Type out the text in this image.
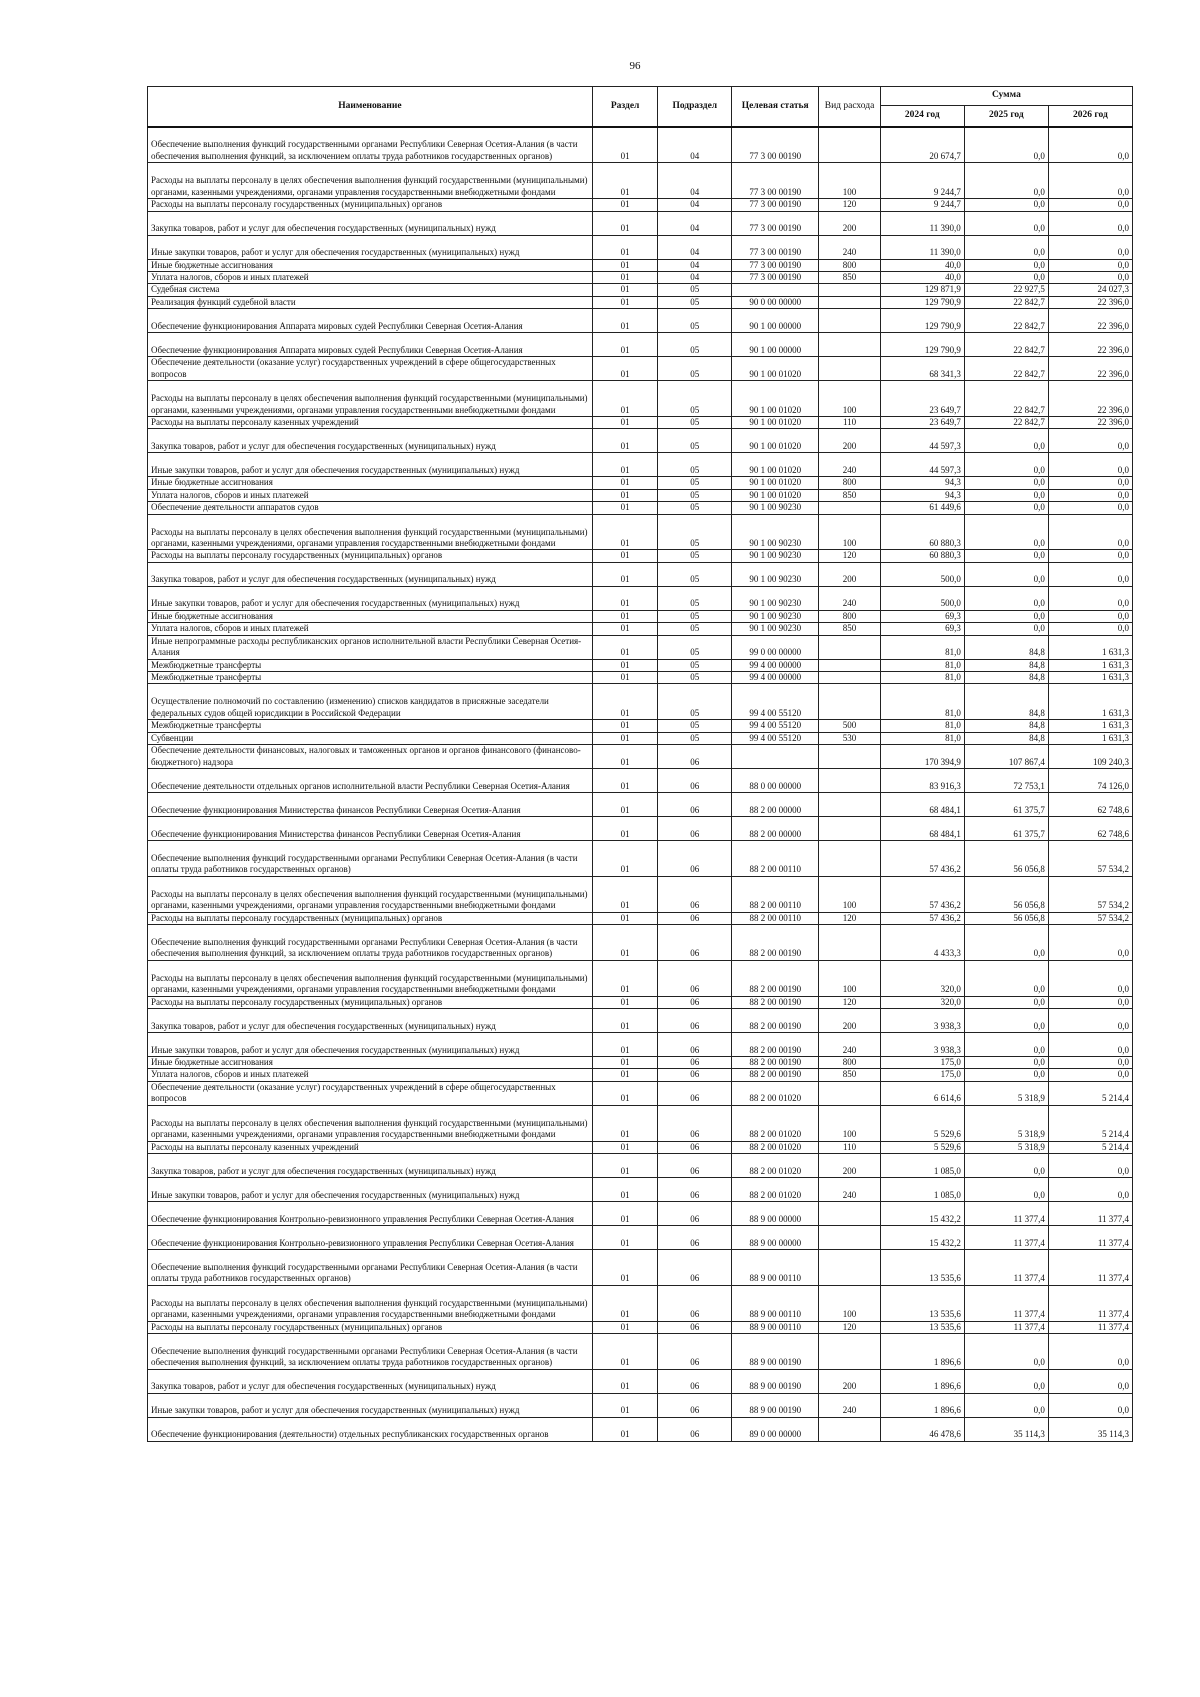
96
Наименование	Раздел	Подраздел	Целевая статья	Вид расхода	Сумма		
					2024 год	2025 год	2026 год
Обеспечение выполнения функций государственными органами Республики Северная Осетия-Алания (в части обеспечения выполнения функций, за исключением оплаты труда работников государственных органов)	01	04	77 3 00 00190		20 674,7	0,0	0,0
Расходы на выплаты персоналу в целях обеспечения выполнения функций государственными (муниципальными) органами, казенными учреждениями, органами управления государственными внебюджетными фондами	01	04	77 3 00 00190	100	9 244,7	0,0	0,0
Расходы на выплаты персоналу государственных (муниципальных) органов	01	04	77 3 00 00190	120	9 244,7	0,0	0,0
Закупка товаров, работ и услуг для обеспечения государственных (муниципальных) нужд	01	04	77 3 00 00190	200	11 390,0	0,0	0,0
Иные закупки товаров, работ и услуг для обеспечения государственных (муниципальных) нужд	01	04	77 3 00 00190	240	11 390,0	0,0	0,0
Иные бюджетные ассигнования	01	04	77 3 00 00190	800	40,0	0,0	0,0
Уплата налогов, сборов и иных платежей	01	04	77 3 00 00190	850	40,0	0,0	0,0
Судебная система	01	05			129 871,9	22 927,5	24 027,3
Реализация функций судебной власти	01	05	90 0 00 00000		129 790,9	22 842,7	22 396,0
Обеспечение функционирования Аппарата мировых судей Республики Северная Осетия-Алания	01	05	90 1 00 00000		129 790,9	22 842,7	22 396,0
Обеспечение функционирования Аппарата мировых судей Республики Северная Осетия-Алания	01	05	90 1 00 00000		129 790,9	22 842,7	22 396,0
Обеспечение деятельности (оказание услуг) государственных учреждений в сфере общегосударственных вопросов	01	05	90 1 00 01020		68 341,3	22 842,7	22 396,0
Расходы на выплаты персоналу в целях обеспечения выполнения функций государственными (муниципальными) органами, казенными учреждениями, органами управления государственными внебюджетными фондами	01	05	90 1 00 01020	100	23 649,7	22 842,7	22 396,0
Расходы на выплаты персоналу казенных учреждений	01	05	90 1 00 01020	110	23 649,7	22 842,7	22 396,0
Закупка товаров, работ и услуг для обеспечения государственных (муниципальных) нужд	01	05	90 1 00 01020	200	44 597,3	0,0	0,0
Иные закупки товаров, работ и услуг для обеспечения государственных (муниципальных) нужд	01	05	90 1 00 01020	240	44 597,3	0,0	0,0
Иные бюджетные ассигнования	01	05	90 1 00 01020	800	94,3	0,0	0,0
Уплата налогов, сборов и иных платежей	01	05	90 1 00 01020	850	94,3	0,0	0,0
Обеспечение деятельности аппаратов судов	01	05	90 1 00 90230		61 449,6	0,0	0,0
Расходы на выплаты персоналу в целях обеспечения выполнения функций государственными (муниципальными) органами, казенными учреждениями, органами управления государственными внебюджетными фондами	01	05	90 1 00 90230	100	60 880,3	0,0	0,0
Расходы на выплаты персоналу государственных (муниципальных) органов	01	05	90 1 00 90230	120	60 880,3	0,0	0,0
Закупка товаров, работ и услуг для обеспечения государственных (муниципальных) нужд	01	05	90 1 00 90230	200	500,0	0,0	0,0
Иные закупки товаров, работ и услуг для обеспечения государственных (муниципальных) нужд	01	05	90 1 00 90230	240	500,0	0,0	0,0
Иные бюджетные ассигнования	01	05	90 1 00 90230	800	69,3	0,0	0,0
Уплата налогов, сборов и иных платежей	01	05	90 1 00 90230	850	69,3	0,0	0,0
Иные непрограммные расходы республиканских органов исполнительной власти Республики Северная Осетия-Алания	01	05	99 0 00 00000		81,0	84,8	1 631,3
Межбюджетные трансферты	01	05	99 4 00 00000		81,0	84,8	1 631,3
Межбюджетные трансферты	01	05	99 4 00 00000		81,0	84,8	1 631,3
Осуществление полномочий по составлению (изменению) списков кандидатов в присяжные заседатели федеральных судов общей юрисдикции в Российской Федерации	01	05	99 4 00 55120		81,0	84,8	1 631,3
Межбюджетные трансферты	01	05	99 4 00 55120	500	81,0	84,8	1 631,3
Субвенции	01	05	99 4 00 55120	530	81,0	84,8	1 631,3
Обеспечение деятельности финансовых, налоговых и таможенных органов и органов финансового (финансово-бюджетного) надзора	01	06			170 394,9	107 867,4	109 240,3
Обеспечение деятельности отдельных органов исполнительной власти Республики Северная Осетия-Алания	01	06	88 0 00 00000		83 916,3	72 753,1	74 126,0
Обеспечение функционирования Министерства финансов Республики Северная Осетия-Алания	01	06	88 2 00 00000		68 484,1	61 375,7	62 748,6
Обеспечение функционирования Министерства финансов Республики Северная Осетия-Алания	01	06	88 2 00 00000		68 484,1	61 375,7	62 748,6
Обеспечение выполнения функций государственными органами Республики Северная Осетия-Алания (в части оплаты труда работников государственных органов)	01	06	88 2 00 00110		57 436,2	56 056,8	57 534,2
Расходы на выплаты персоналу в целях обеспечения выполнения функций государственными (муниципальными) органами, казенными учреждениями, органами управления государственными внебюджетными фондами	01	06	88 2 00 00110	100	57 436,2	56 056,8	57 534,2
Расходы на выплаты персоналу государственных (муниципальных) органов	01	06	88 2 00 00110	120	57 436,2	56 056,8	57 534,2
Обеспечение выполнения функций государственными органами Республики Северная Осетия-Алания (в части обеспечения выполнения функций, за исключением оплаты труда работников государственных органов)	01	06	88 2 00 00190		4 433,3	0,0	0,0
Расходы на выплаты персоналу в целях обеспечения выполнения функций государственными (муниципальными) органами, казенными учреждениями, органами управления государственными внебюджетными фондами	01	06	88 2 00 00190	100	320,0	0,0	0,0
Расходы на выплаты персоналу государственных (муниципальных) органов	01	06	88 2 00 00190	120	320,0	0,0	0,0
Закупка товаров, работ и услуг для обеспечения государственных (муниципальных) нужд	01	06	88 2 00 00190	200	3 938,3	0,0	0,0
Иные закупки товаров, работ и услуг для обеспечения государственных (муниципальных) нужд	01	06	88 2 00 00190	240	3 938,3	0,0	0,0
Иные бюджетные ассигнования	01	06	88 2 00 00190	800	175,0	0,0	0,0
Уплата налогов, сборов и иных платежей	01	06	88 2 00 00190	850	175,0	0,0	0,0
Обеспечение деятельности (оказание услуг) государственных учреждений в сфере общегосударственных вопросов	01	06	88 2 00 01020		6 614,6	5 318,9	5 214,4
Расходы на выплаты персоналу в целях обеспечения выполнения функций государственными (муниципальными) органами, казенными учреждениями, органами управления государственными внебюджетными фондами	01	06	88 2 00 01020	100	5 529,6	5 318,9	5 214,4
Расходы на выплаты персоналу казенных учреждений	01	06	88 2 00 01020	110	5 529,6	5 318,9	5 214,4
Закупка товаров, работ и услуг для обеспечения государственных (муниципальных) нужд	01	06	88 2 00 01020	200	1 085,0	0,0	0,0
Иные закупки товаров, работ и услуг для обеспечения государственных (муниципальных) нужд	01	06	88 2 00 01020	240	1 085,0	0,0	0,0
Обеспечение функционирования Контрольно-ревизионного управления Республики Северная Осетия-Алания	01	06	88 9 00 00000		15 432,2	11 377,4	11 377,4
Обеспечение функционирования Контрольно-ревизионного управления Республики Северная Осетия-Алания	01	06	88 9 00 00000		15 432,2	11 377,4	11 377,4
Обеспечение выполнения функций государственными органами Республики Северная Осетия-Алания (в части оплаты труда работников государственных органов)	01	06	88 9 00 00110		13 535,6	11 377,4	11 377,4
Расходы на выплаты персоналу в целях обеспечения выполнения функций государственными (муниципальными) органами, казенными учреждениями, органами управления государственными внебюджетными фондами	01	06	88 9 00 00110	100	13 535,6	11 377,4	11 377,4
Расходы на выплаты персоналу государственных (муниципальных) органов	01	06	88 9 00 00110	120	13 535,6	11 377,4	11 377,4
Обеспечение выполнения функций государственными органами Республики Северная Осетия-Алания (в части обеспечения выполнения функций, за исключением оплаты труда работников государственных органов)	01	06	88 9 00 00190		1 896,6	0,0	0,0
Закупка товаров, работ и услуг для обеспечения государственных (муниципальных) нужд	01	06	88 9 00 00190	200	1 896,6	0,0	0,0
Иные закупки товаров, работ и услуг для обеспечения государственных (муниципальных) нужд	01	06	88 9 00 00190	240	1 896,6	0,0	0,0
Обеспечение функционирования (деятельности) отдельных республиканских государственных органов	01	06	89 0 00 00000		46 478,6	35 114,3	35 114,3
